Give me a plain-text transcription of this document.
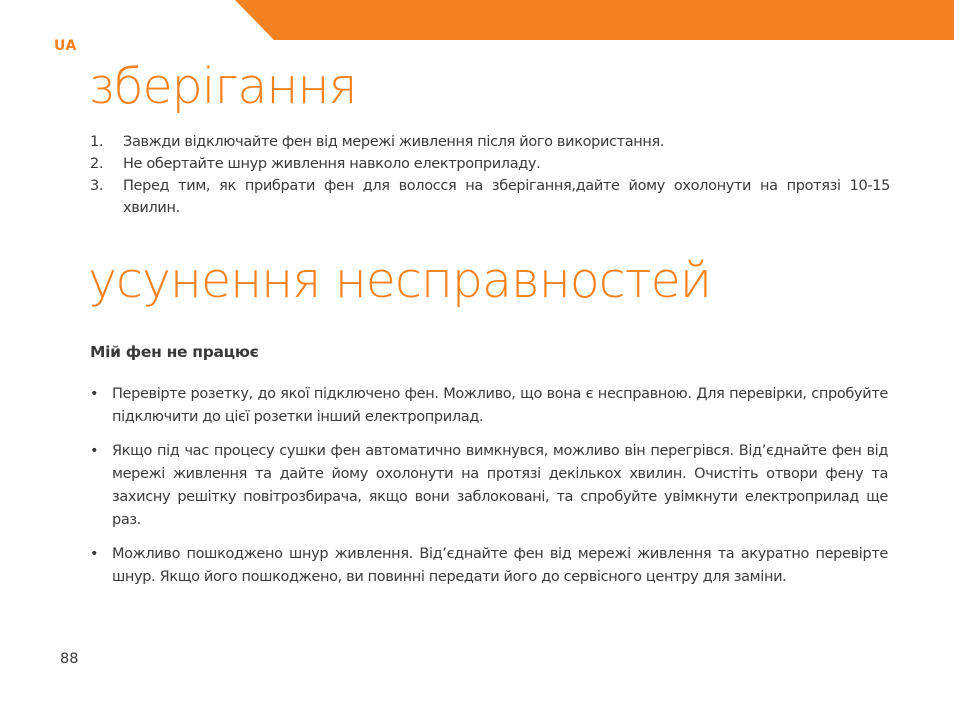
UA
зберігання
1. Завжди відключайте фен від мережі живлення після його використання.
2. Не обертайте шнур живлення навколо електроприладу.
3. Перед тим, як прибрати фен для волосся на зберігання,дайте йому охолонути на протязі 10-15 хвилин.
усунення несправностей
Мій фен не працює
• Перевірте розетку, до якої підключено фен. Можливо, що вона є несправною. Для перевірки, спробуйте підключити до цієї розетки інший електроприлад.
• Якщо під час процесу сушки фен автоматично вимкнувся, можливо він перегрівся. Від’єднайте фен від мережі живлення та дайте йому охолонути на протязі декількох хвилин. Очистіть отвори фену та захисну решітку повітрозбирача, якщо вони заблоковані, та спробуйте увімкнути електроприлад ще раз.
• Можливо пошкоджено шнур живлення. Від’єднайте фен від мережі живлення та акуратно перевірте шнур. Якщо його пошкоджено, ви повинні передати його до сервісного центру для заміни.
88
